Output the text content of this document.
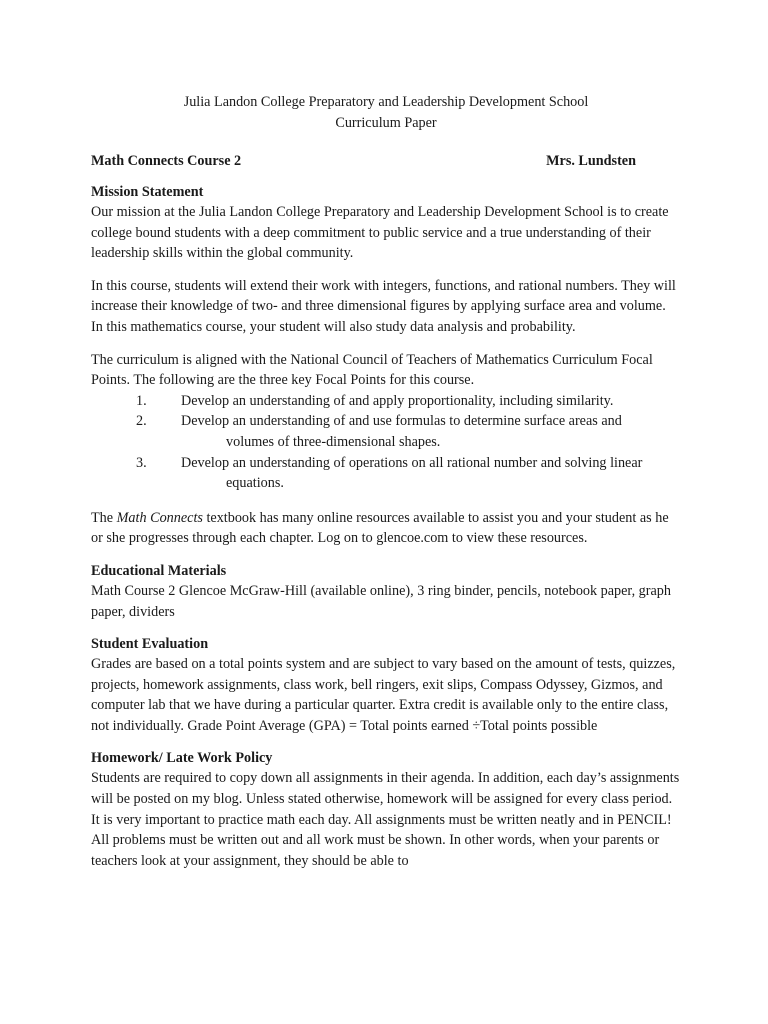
Julia Landon College Preparatory and Leadership Development School

Curriculum Paper

Math Connects Course 2	Mrs. Lundsten

Mission Statement

Our mission at the Julia Landon College Preparatory and Leadership Development School is to create college bound students with a deep commitment to public service and a true understanding of their leadership skills within the global community.

In this course, students will extend their work with integers, functions, and rational numbers. They will increase their knowledge of two- and three dimensional figures by applying surface area and volume. In this mathematics course, your student will also study data analysis and probability.

The curriculum is aligned with the National Council of Teachers of Mathematics Curriculum Focal Points. The following are the three key Focal Points for this course.

1.	Develop an understanding of and apply proportionality, including similarity.
2.	Develop an understanding of and use formulas to determine surface areas and
volumes of three-dimensional shapes.
3.	Develop an understanding of operations on all rational number and solving linear
equations.

The Math Connects textbook has many online resources available to assist you and your student as he or she progresses through each chapter. Log on to glencoe.com to view these resources.

Educational Materials

Math Course 2 Glencoe McGraw-Hill (available online), 3 ring binder, pencils, notebook paper, graph paper, dividers

Student Evaluation

Grades are based on a total points system and are subject to vary based on the amount of tests, quizzes, projects, homework assignments, class work, bell ringers, exit slips, Compass Odyssey, Gizmos, and computer lab that we have during a particular quarter. Extra credit is available only to the entire class, not individually. Grade Point Average (GPA) = Total points earned ÷Total points possible

Homework/ Late Work Policy

Students are required to copy down all assignments in their agenda. In addition, each day’s assignments will be posted on my blog. Unless stated otherwise, homework will be assigned for every class period. It is very important to practice math each day. All assignments must be written neatly and in PENCIL! All problems must be written out and all work must be shown. In other words, when your parents or teachers look at your assignment, they should be able to
